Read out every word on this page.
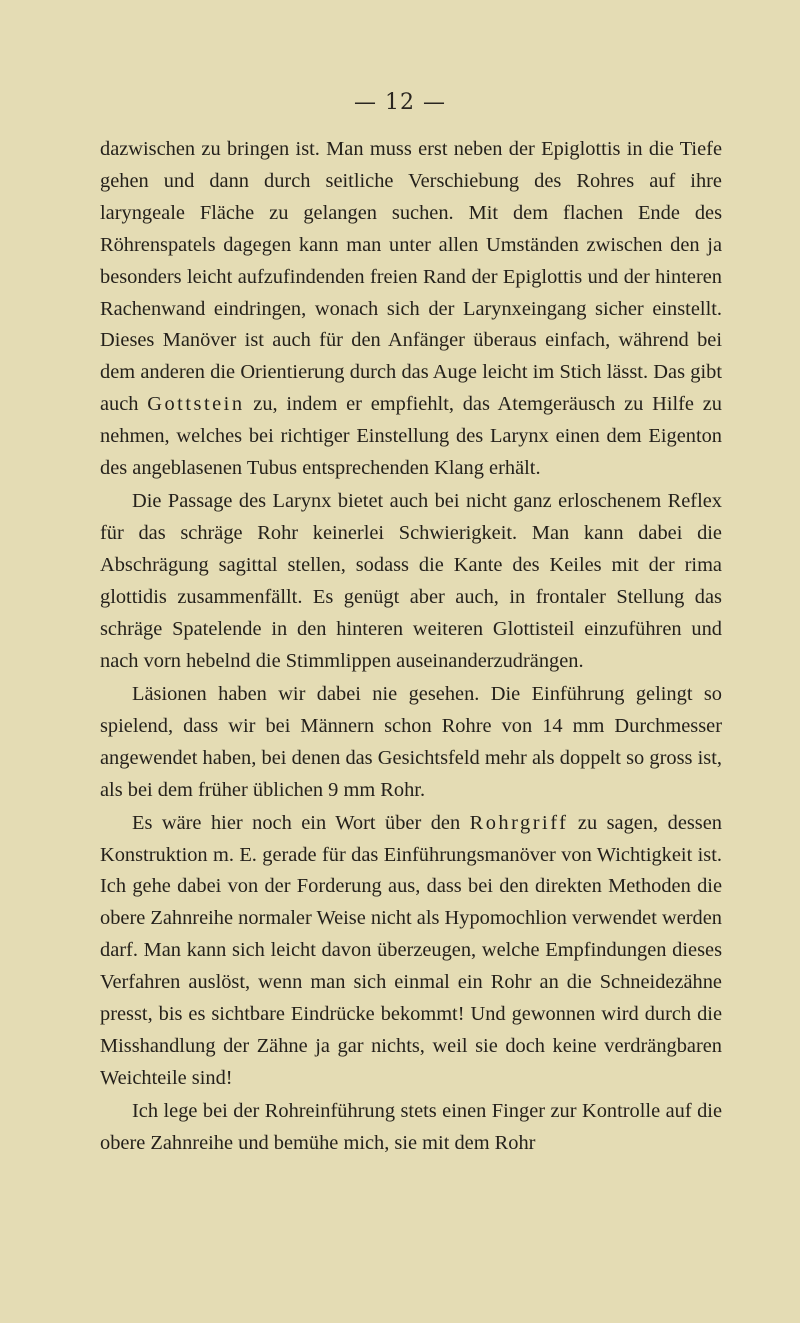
— 12 —

dazwischen zu bringen ist. Man muss erst neben der Epiglottis in die Tiefe gehen und dann durch seitliche Verschiebung des Rohres auf ihre laryngeale Fläche zu gelangen suchen. Mit dem flachen Ende des Röhrenspatels dagegen kann man unter allen Umständen zwischen den ja besonders leicht aufzufindenden freien Rand der Epiglottis und der hinteren Rachenwand eindringen, wonach sich der Larynxeingang sicher einstellt. Dieses Manöver ist auch für den Anfänger überaus einfach, während bei dem anderen die Orientierung durch das Auge leicht im Stich lässt. Das gibt auch Gottstein zu, indem er empfiehlt, das Atemgeräusch zu Hilfe zu nehmen, welches bei richtiger Einstellung des Larynx einen dem Eigenton des angeblasenen Tubus entsprechenden Klang erhält.

Die Passage des Larynx bietet auch bei nicht ganz erloschenem Reflex für das schräge Rohr keinerlei Schwierigkeit. Man kann dabei die Abschrägung sagittal stellen, sodass die Kante des Keiles mit der rima glottidis zusammenfällt. Es genügt aber auch, in frontaler Stellung das schräge Spatelende in den hinteren weiteren Glottisteil einzuführen und nach vorn hebelnd die Stimmlippen auseinanderzudrängen.

Läsionen haben wir dabei nie gesehen. Die Einführung gelingt so spielend, dass wir bei Männern schon Rohre von 14 mm Durchmesser angewendet haben, bei denen das Gesichtsfeld mehr als doppelt so gross ist, als bei dem früher üblichen 9 mm Rohr.

Es wäre hier noch ein Wort über den Rohrgriff zu sagen, dessen Konstruktion m. E. gerade für das Einführungsmanöver von Wichtigkeit ist. Ich gehe dabei von der Forderung aus, dass bei den direkten Methoden die obere Zahnreihe normaler Weise nicht als Hypomochlion verwendet werden darf. Man kann sich leicht davon überzeugen, welche Empfindungen dieses Verfahren auslöst, wenn man sich einmal ein Rohr an die Schneidezähne presst, bis es sichtbare Eindrücke bekommt! Und gewonnen wird durch die Misshandlung der Zähne ja gar nichts, weil sie doch keine verdrängbaren Weichteile sind!

Ich lege bei der Rohreinführung stets einen Finger zur Kontrolle auf die obere Zahnreihe und bemühe mich, sie mit dem Rohr
